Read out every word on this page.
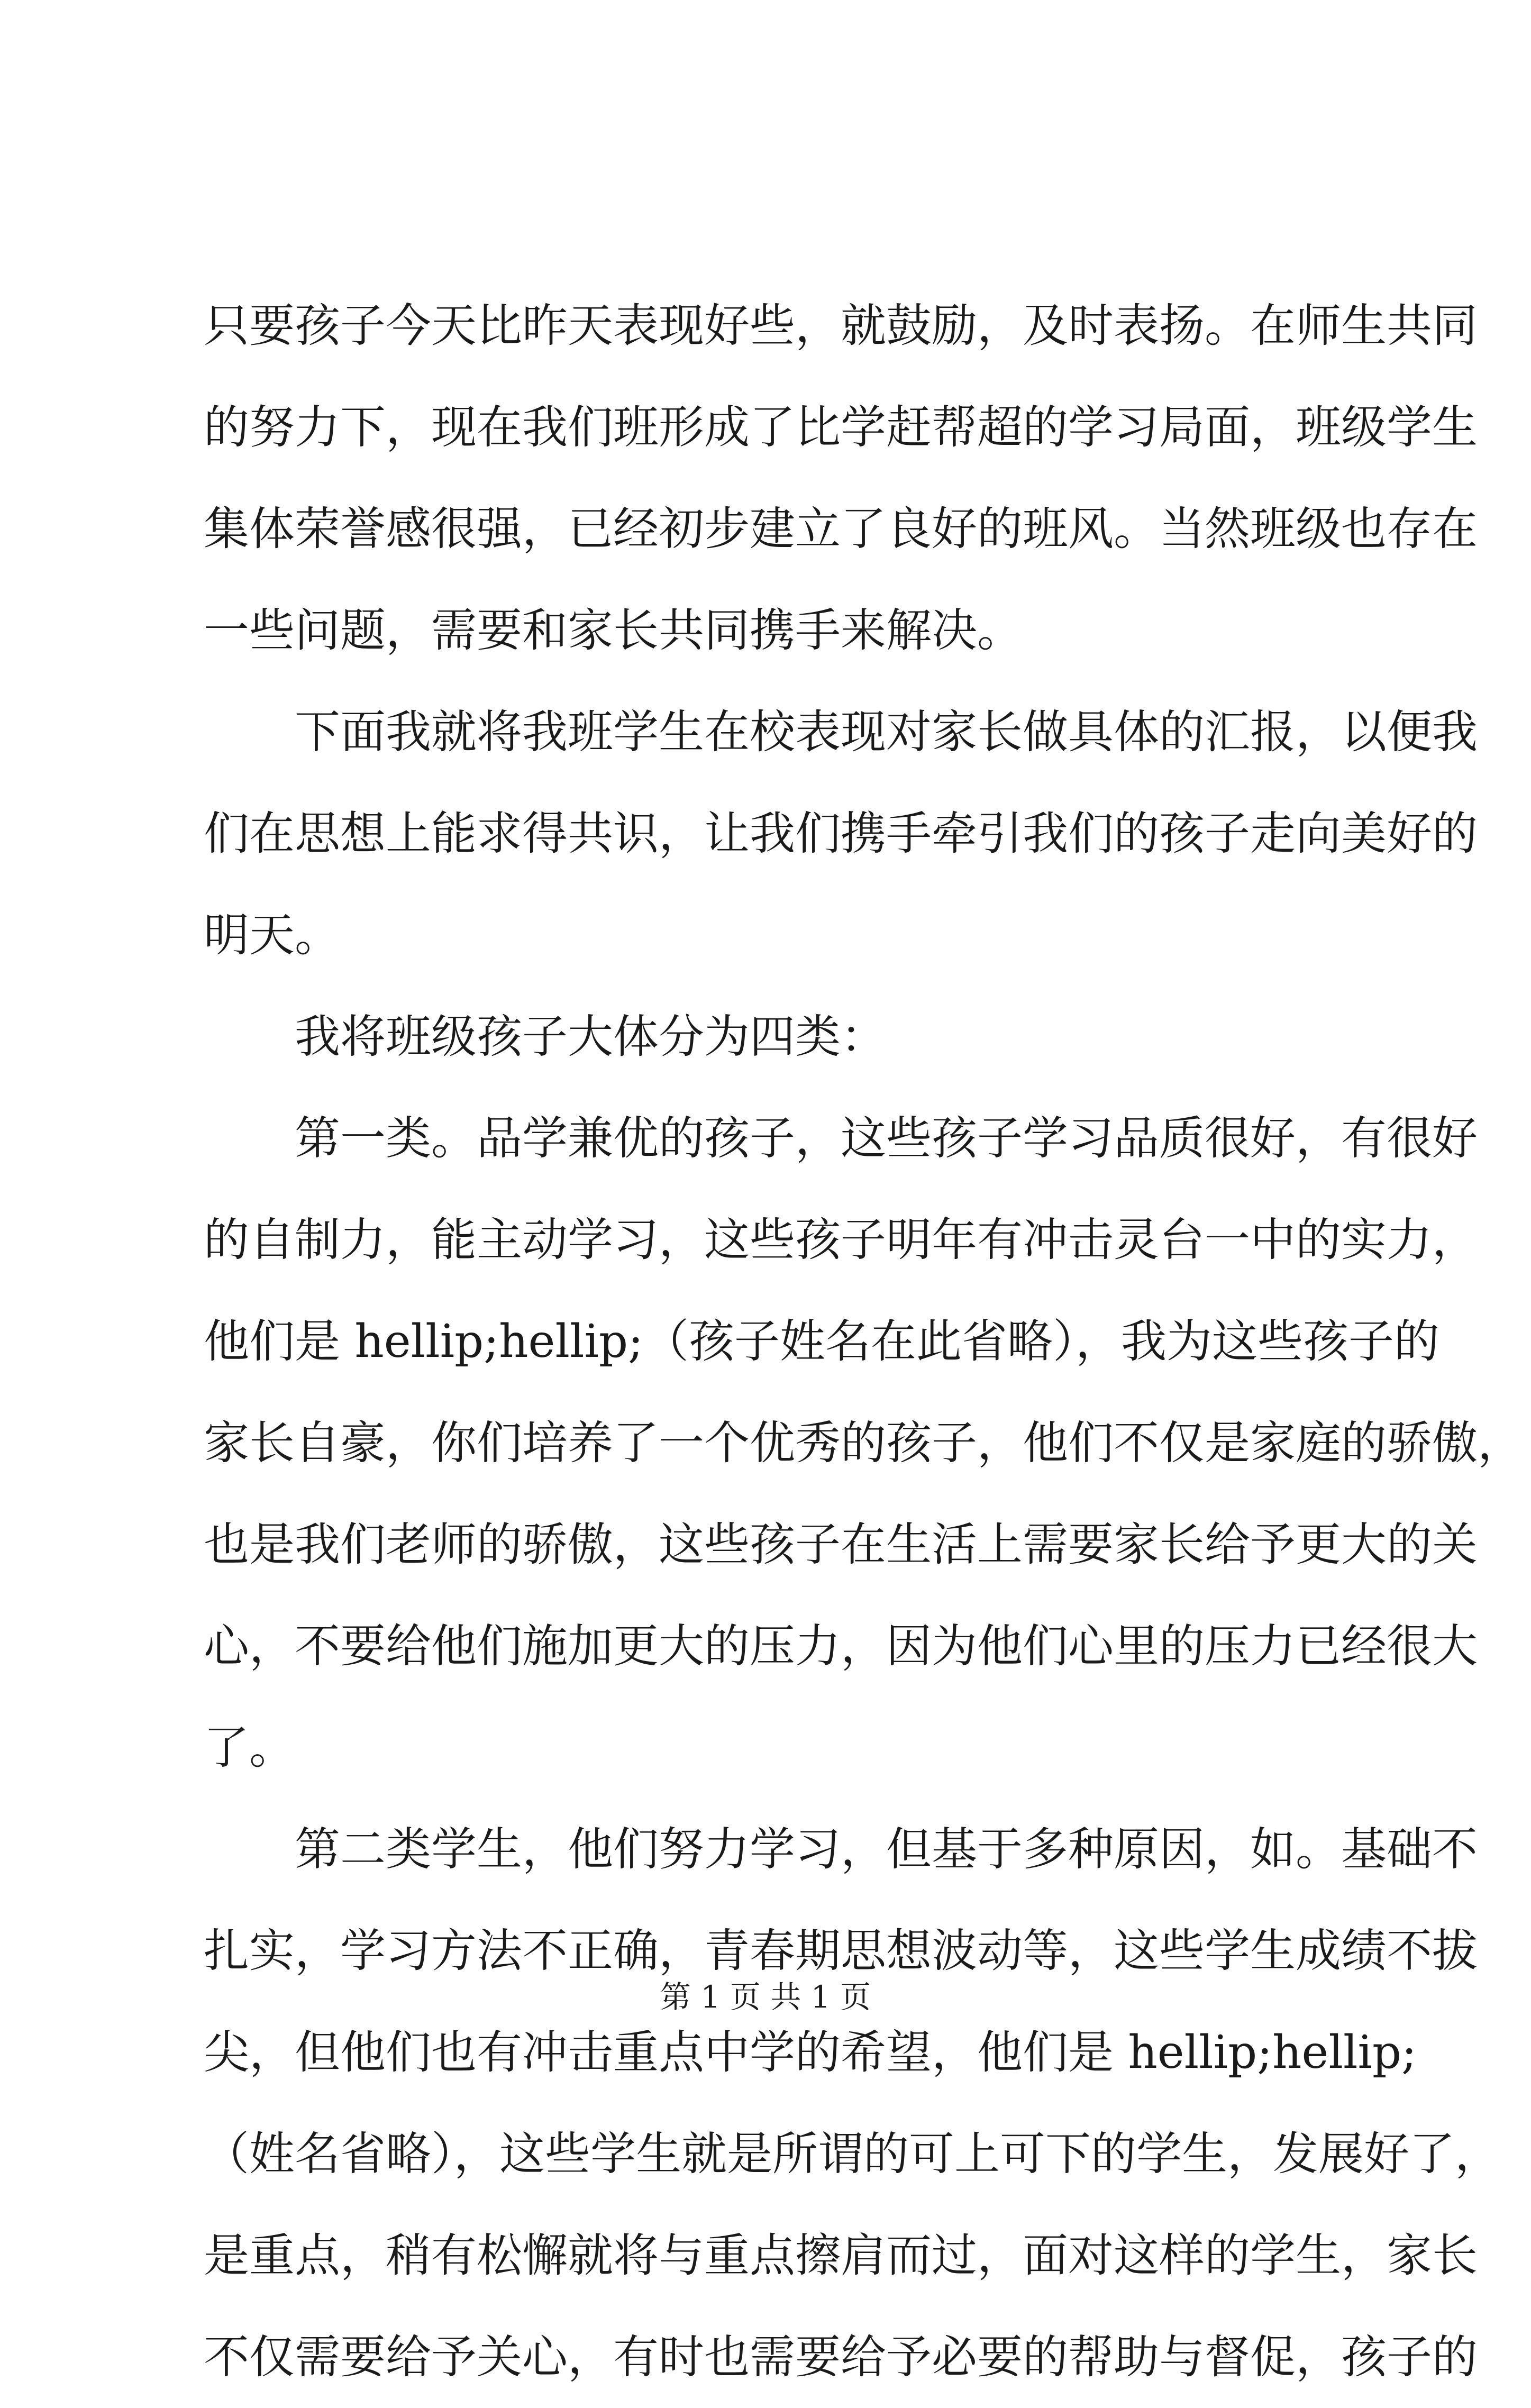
只要孩子今天比昨天表现好些，就鼓励，及时表扬。在师生共同
的努力下，现在我们班形成了比学赶帮超的学习局面，班级学生
集体荣誉感很强，已经初步建立了良好的班风。当然班级也存在
一些问题，需要和家长共同携手来解决。
下面我就将我班学生在校表现对家长做具体的汇报，以便我
们在思想上能求得共识，让我们携手牵引我们的孩子走向美好的
明天。
我将班级孩子大体分为四类：
第一类。品学兼优的孩子，这些孩子学习品质很好，有很好
的自制力，能主动学习，这些孩子明年有冲击灵台一中的实力，
他们是 hellip;hellip;（孩子姓名在此省略），我为这些孩子的
家长自豪，你们培养了一个优秀的孩子，他们不仅是家庭的骄傲，
也是我们老师的骄傲，这些孩子在生活上需要家长给予更大的关
心，不要给他们施加更大的压力，因为他们心里的压力已经很大
了。
第二类学生，他们努力学习，但基于多种原因，如。基础不
扎实，学习方法不正确，青春期思想波动等，这些学生成绩不拔
尖，但他们也有冲击重点中学的希望，他们是 hellip;hellip;
（姓名省略），这些学生就是所谓的可上可下的学生，发展好了，
是重点，稍有松懈就将与重点擦肩而过，面对这样的学生，家长
不仅需要给予关心，有时也需要给予必要的帮助与督促，孩子的
第 1 页 共 1 页
